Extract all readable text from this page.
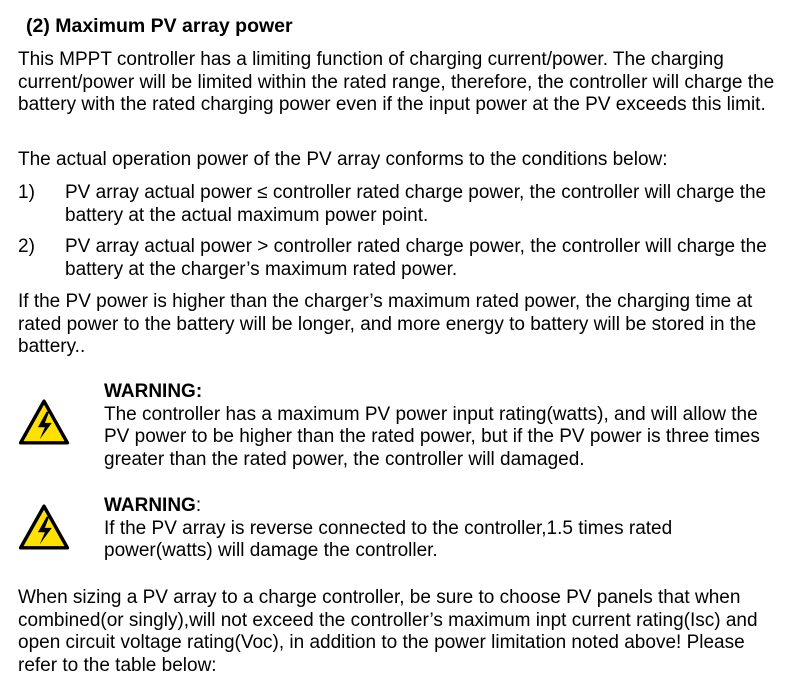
(2) Maximum PV array power

This MPPT controller has a limiting function of charging current/power. The charging current/power will be limited within the rated range, therefore, the controller will charge the battery with the rated charging power even if the input power at the PV exceeds this limit.

The actual operation power of the PV array conforms to the conditions below:

1)	PV array actual power ≤ controller rated charge power, the controller will charge the battery at the actual maximum power point.
2)	PV array actual power > controller rated charge power, the controller will charge the battery at the charger’s maximum rated power.

If the PV power is higher than the charger’s maximum rated power, the charging time at rated power to the battery will be longer, and more energy to battery will be stored in the battery..

WARNING:
The controller has a maximum PV power input rating(watts), and will allow the PV power to be higher than the rated power, but if the PV power is three times greater than the rated power, the controller will damaged.
WARNING:
If the PV array is reverse connected to the controller,1.5 times rated power(watts) will damage the controller.

When sizing a PV array to a charge controller, be sure to choose PV panels that when combined(or singly),will not exceed the controller’s maximum inpt current rating(Isc) and open circuit voltage rating(Voc), in addition to the power limitation noted above! Please refer to the table below:
